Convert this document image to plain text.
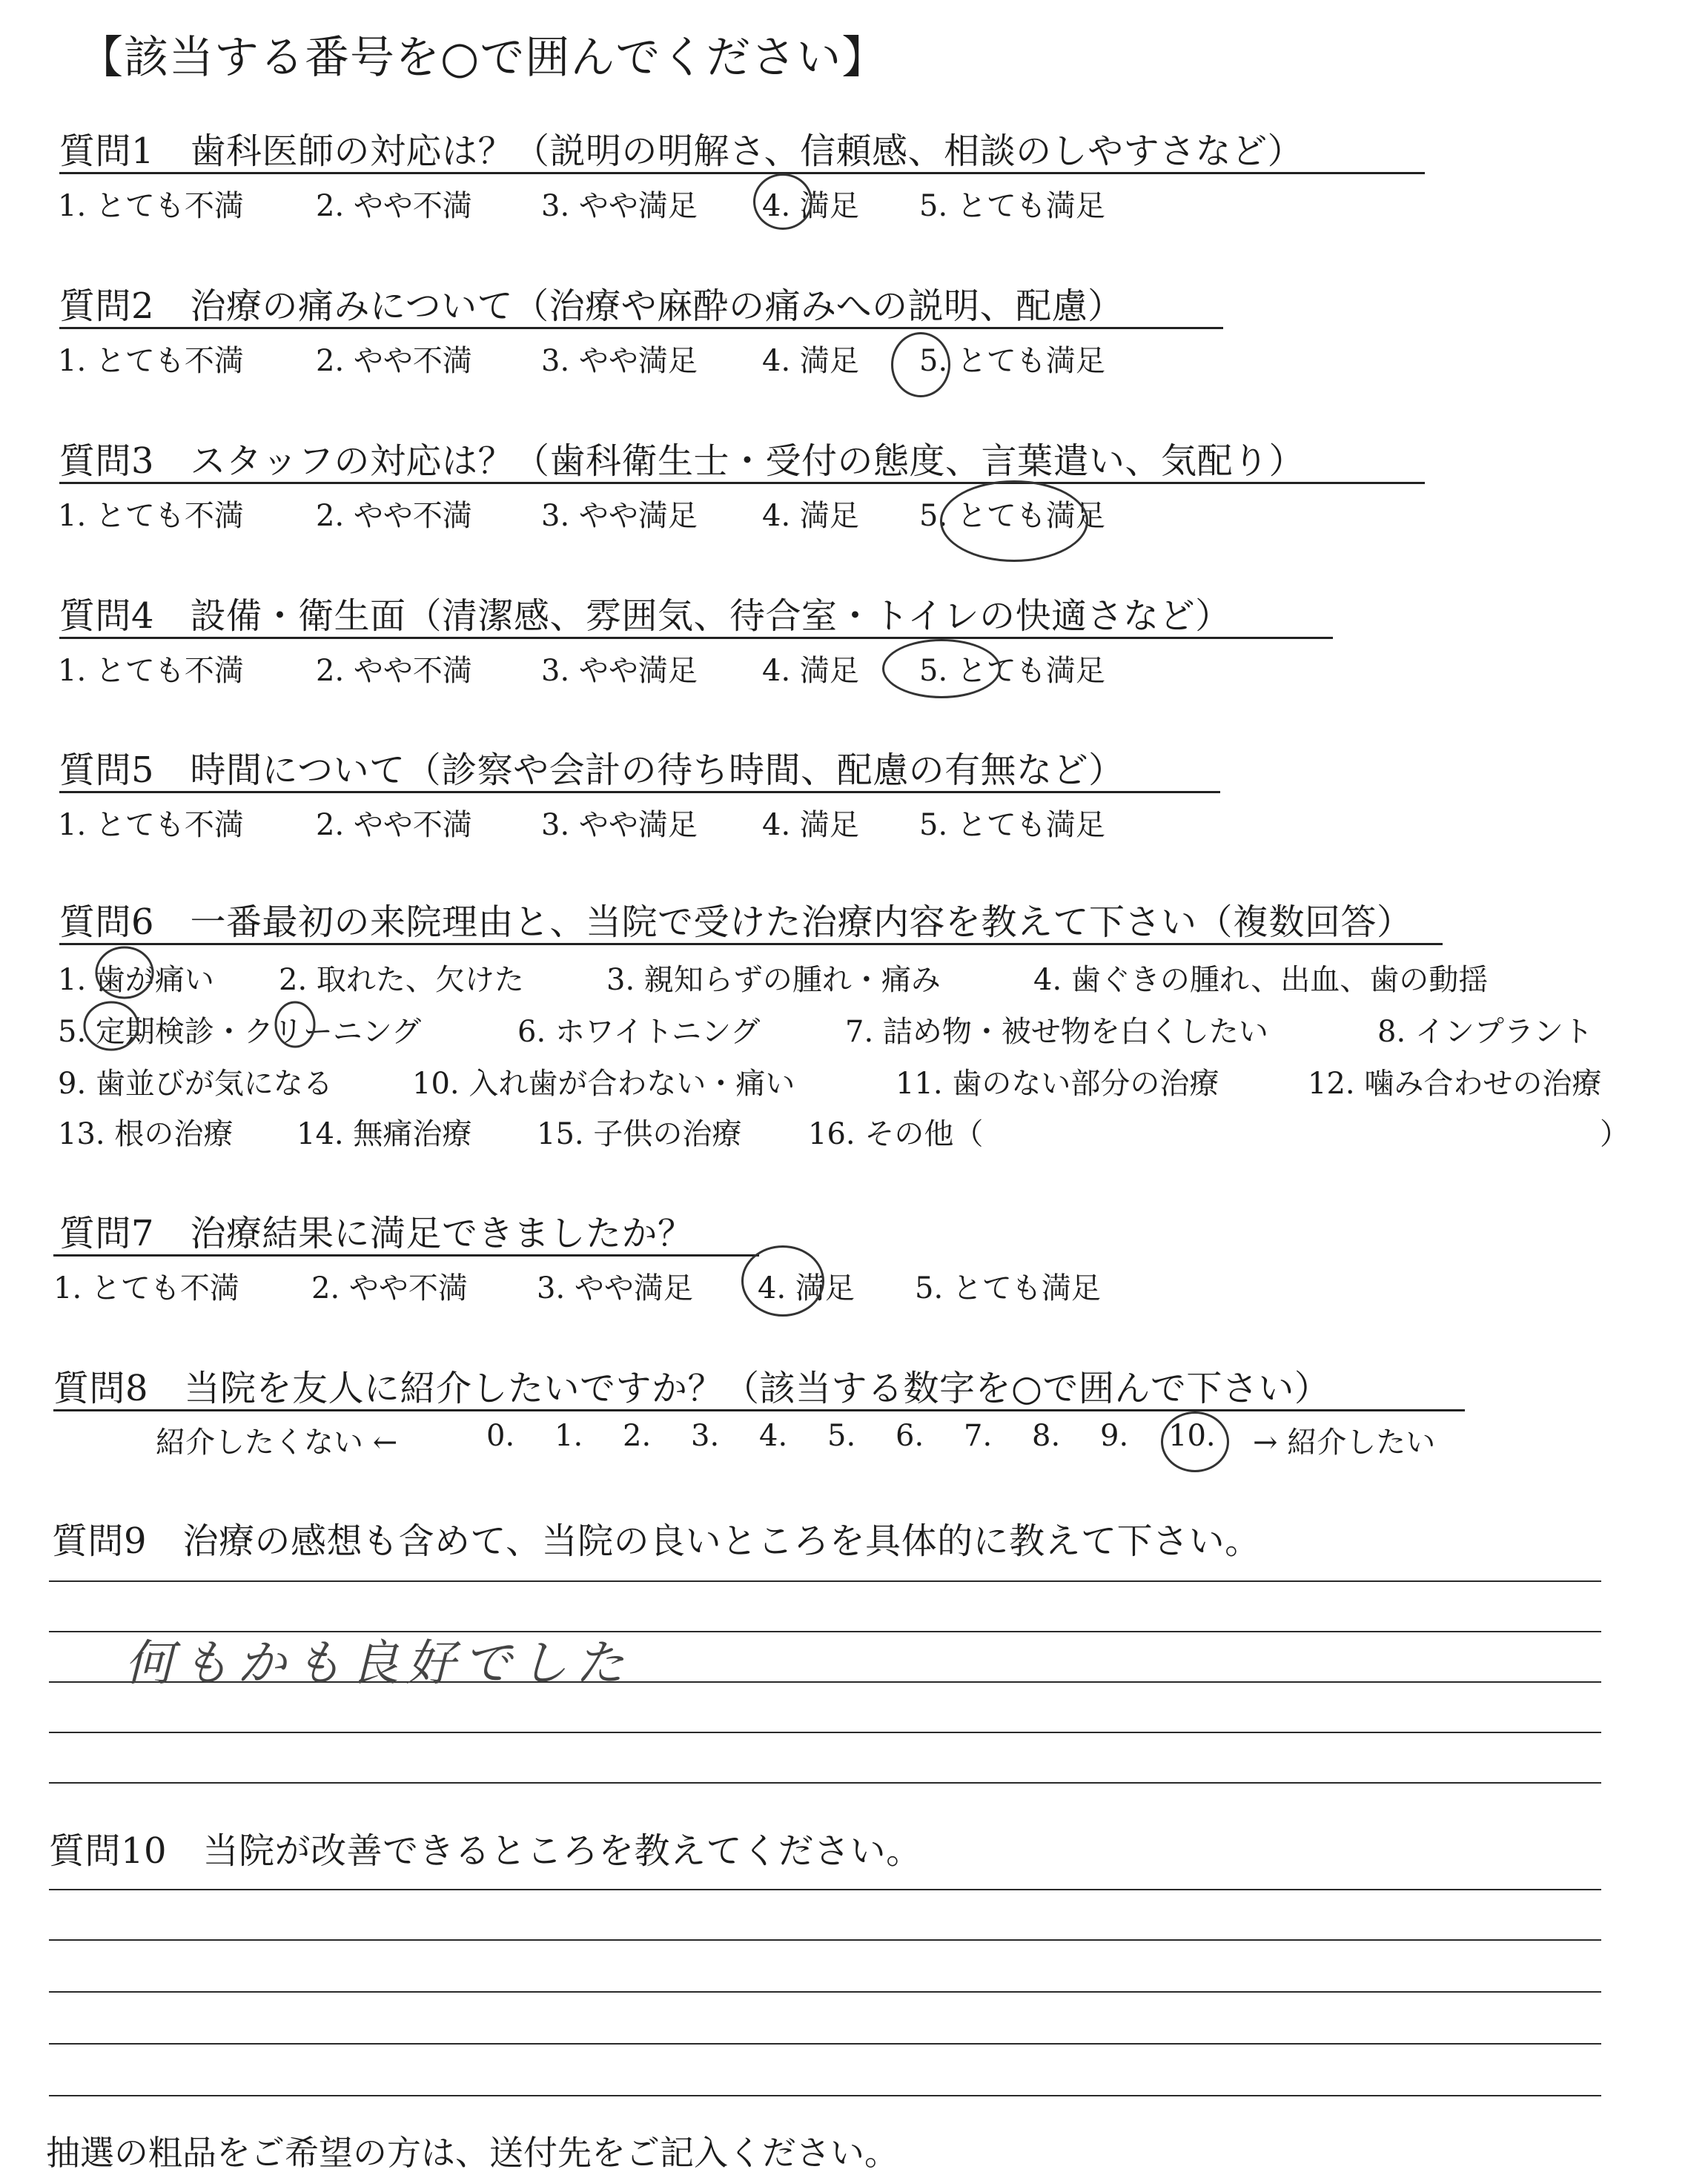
【該当する番号を○で囲んでください】
質問1　歯科医師の対応は？（説明の明解さ、信頼感、相談のしやすさなど）
1. とても不満 2. やや不満 3. やや満足 4. 満足 5. とても満足
質問2　治療の痛みについて（治療や麻酔の痛みへの説明、配慮）
1. とても不満 2. やや不満 3. やや満足 4. 満足 5. とても満足
質問3　スタッフの対応は？（歯科衛生士・受付の態度、言葉遣い、気配り）
1. とても不満 2. やや不満 3. やや満足 4. 満足 5. とても満足
質問4　設備・衛生面（清潔感、雰囲気、待合室・トイレの快適さなど）
1. とても不満 2. やや不満 3. やや満足 4. 満足 5. とても満足
質問5　時間について（診察や会計の待ち時間、配慮の有無など）
1. とても不満 2. やや不満 3. やや満足 4. 満足 5. とても満足
質問6　一番最初の来院理由と、当院で受けた治療内容を教えて下さい（複数回答）
1. 歯が痛い 2. 取れた、欠けた	3. 親知らずの腫れ・痛み	4. 歯ぐきの腫れ、出血、歯の動揺
5. 定期検診・クリーニング	6. ホワイトニング	7. 詰め物・被せ物を白くしたい	8. インプラント
9. 歯並びが気になる	10. 入れ歯が合わない・痛い	11. 歯のない部分の治療	12. 噛み合わせの治療
13. 根の治療 14. 無痛治療 15. 子供の治療 16. その他（	）
質問7　治療結果に満足できましたか？
1. とても不満 2. やや不満 3. やや満足 4. 満足 5. とても満足
質問8　当院を友人に紹介したいですか？（該当する数字を○で囲んで下さい）
紹介したくない ←	0. 1. 2. 3. 4. 5. 6. 7. 8. 9. 10. → 紹介したい
質問9　治療の感想も含めて、当院の良いところを具体的に教えて下さい。
何もかも良好でした
質問10　当院が改善できるところを教えてください。
抽選の粗品をご希望の方は、送付先をご記入ください。
